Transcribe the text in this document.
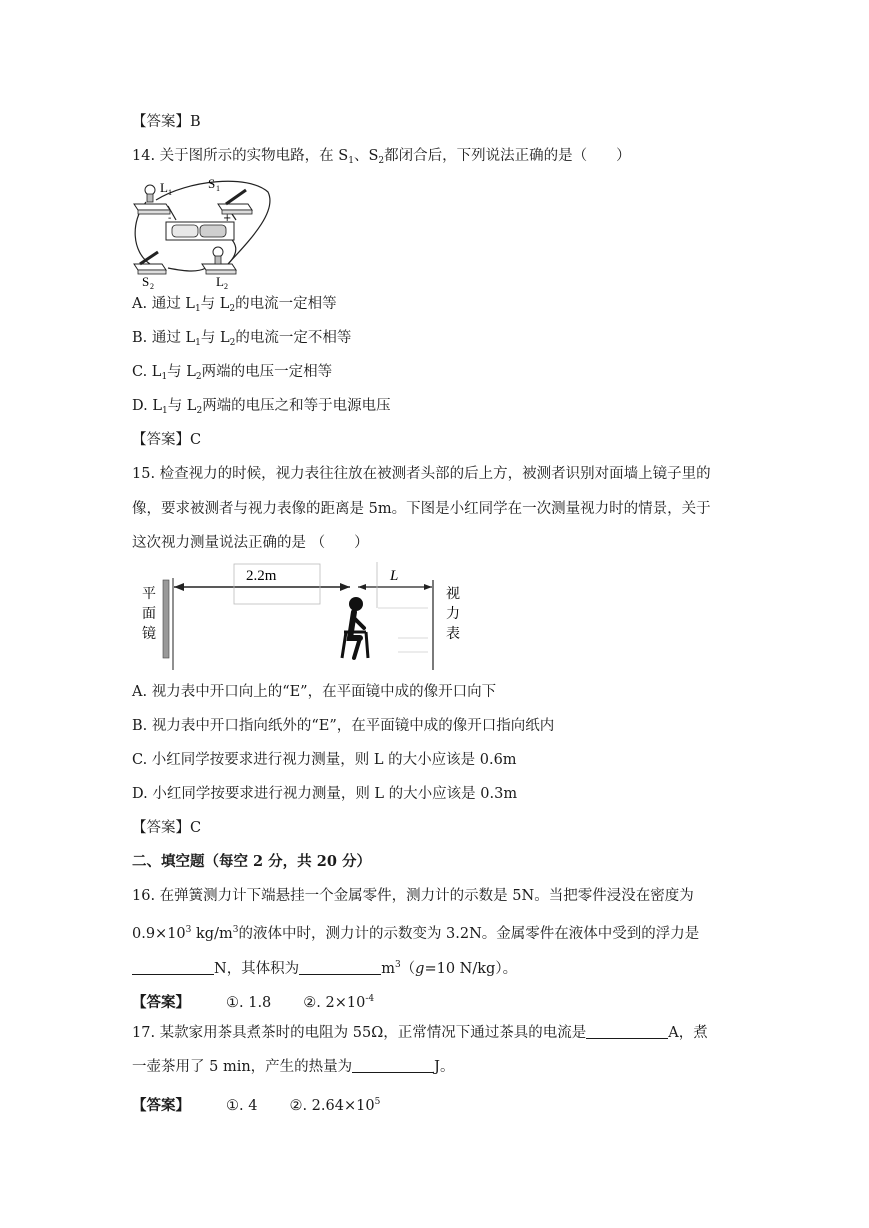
【答案】B
14. 关于图所示的实物电路，在 $S_1$、$S_2$都闭合后，下列说法正确的是（　　）
L 1
S 1
-	+
S 2	L 2
A. 通过 $L_1$与 $L_2$的电流一定相等
B. 通过 $L_1$与 $L_2$的电流一定不相等
C. $L_1$与 $L_2$两端的电压一定相等
D. $L_1$与 $L_2$两端的电压之和等于电源电压
【答案】C
15. 检查视力的时候，视力表往往放在被测者头部的后上方，被测者识别对面墙上镜子里的
像，要求被测者与视力表像的距离是 5m。下图是小红同学在一次测量视力时的情景，关于
这次视力测量说法正确的是 （　　）
平
面
镜
2.2m	L
视
力
表
A. 视力表中开口向上的“E”，在平面镜中成的像开口向下
B. 视力表中开口指向纸外的“E”，在平面镜中成的像开口指向纸内
C. 小红同学按要求进行视力测量，则 L 的大小应该是 0.6m
D. 小红同学按要求进行视力测量，则 L 的大小应该是 0.3m
【答案】C
二、填空题（每空 2 分，共 20 分）
16. 在弹簧测力计下端悬挂一个金属零件，测力计的示数是 5N。当把零件浸没在密度为
$0.9\times 10^3$ $kg/m^3$的液体中时，测力计的示数变为 3.2N。金属零件在液体中受到的浮力是
N，其体积为	$m^3(g=10$ N/kg）。
【答案】 ①. 1.8 ②. $2\times 10^{-4}$
17. 某款家用茶具煮茶时的电阻为 55Ω，正常情况下通过茶具的电流是	A，煮
一壶茶用了 5 min，产生的热量为	J。
【答案】 ①. 4 ②. $2.64\times 10^5$
